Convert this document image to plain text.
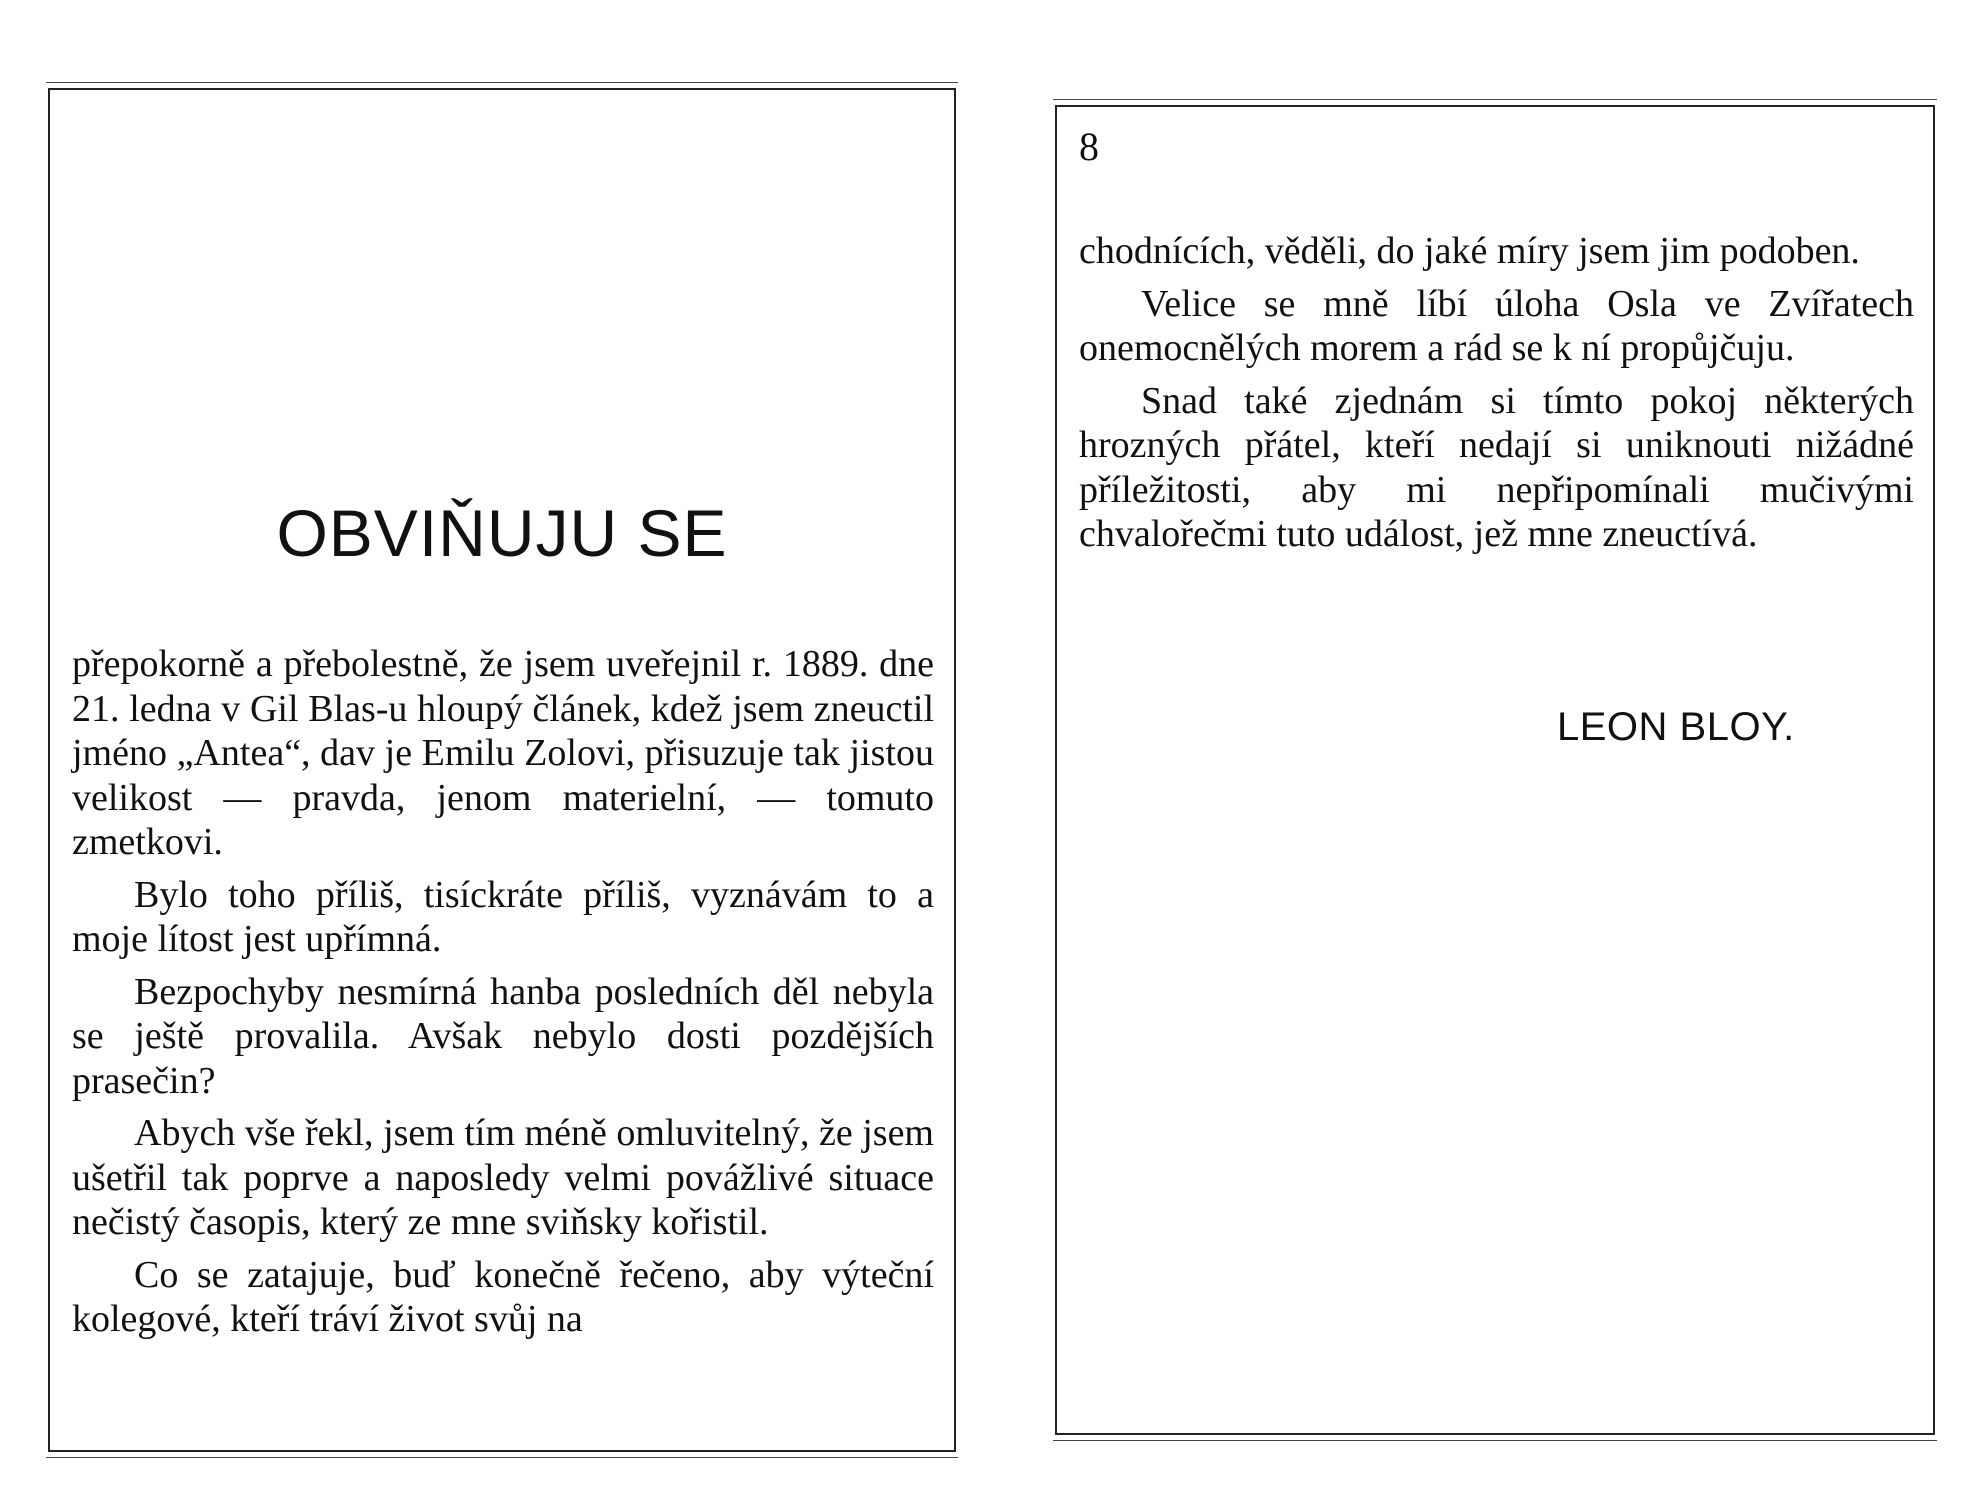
OBVIŇUJU SE

přepokorně a přebolestně, že jsem uveřejnil r. 1889. dne 21. ledna v Gil Blas-u hloupý článek, kdež jsem zneuctil jméno „Antea“, dav je Emilu Zolovi, přisuzuje tak jistou velikost — pravda, jenom materielní, — tomuto zmetkovi.

Bylo toho příliš, tisíckráte příliš, vyznávám to a moje lítost jest upřímná.

Bezpochyby nesmírná hanba posledních děl nebyla se ještě provalila. Avšak nebylo dosti pozdějších prasečin?

Abych vše řekl, jsem tím méně omluvitelný, že jsem ušetřil tak poprve a naposledy velmi povážlivé situace nečistý časopis, který ze mne sviňsky kořistil.

Co se zatajuje, buď konečně řečeno, aby výteční kolegové, kteří tráví život svůj na

8

chodnících, věděli, do jaké míry jsem jim podoben.

Velice se mně líbí úloha Osla ve Zvířatech onemocnělých morem a rád se k ní propůjčuju.

Snad také zjednám si tímto pokoj některých hrozných přátel, kteří nedají si uniknouti nižádné příležitosti, aby mi nepřipomínali mučivými chvalořečmi tuto událost, jež mne zneuctívá.

LEON BLOY.
